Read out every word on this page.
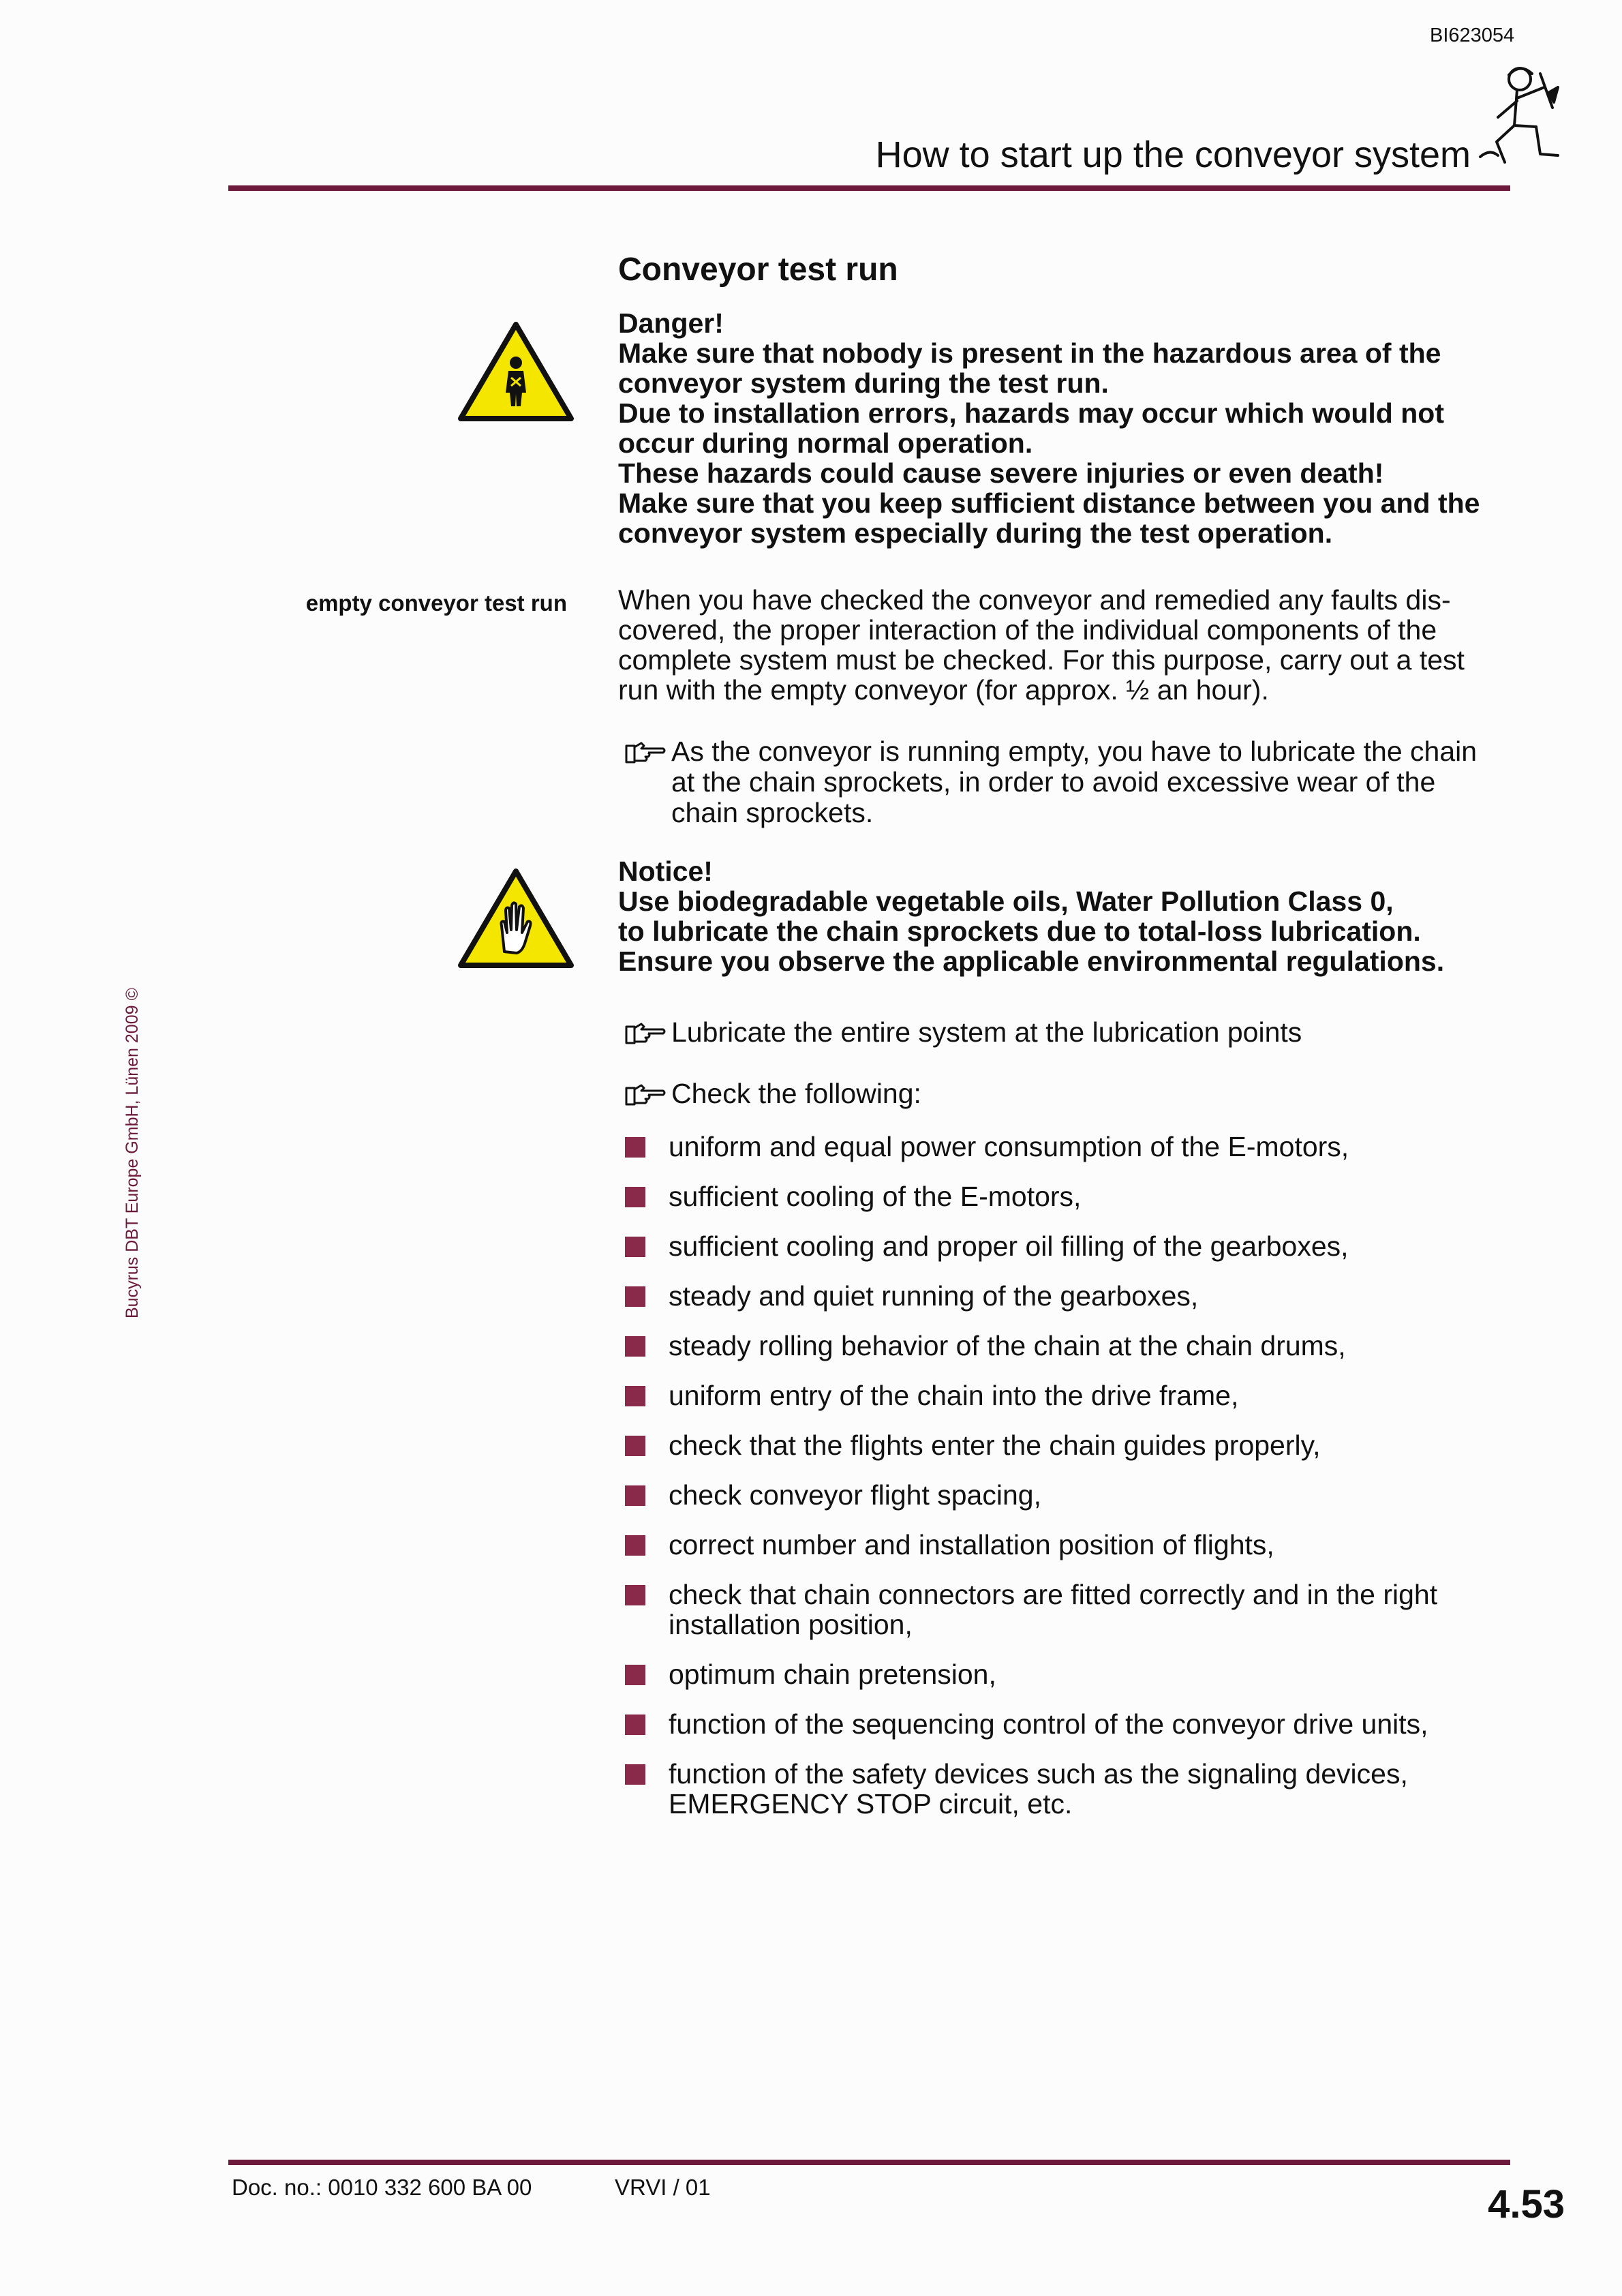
BI623054
How to start up the conveyor system
Conveyor test run

Danger!

Make sure that nobody is present in the hazardous area of the conveyor system during the test run.

Due to installation errors, hazards may occur which would not occur during normal operation.

These hazards could cause severe injuries or even death!

Make sure that you keep sufficient distance between you and the conveyor system especially during the test operation.

empty conveyor test run When you have checked the conveyor and remedied any faults dis-covered, the proper interaction of the individual components of the complete system must be checked. For this purpose, carry out a test run with the empty conveyor (for approx. ½ an hour).
As the conveyor is running empty, you have to lubricate the chain at the chain sprockets, in order to avoid excessive wear of the chain sprockets.

Notice!

Use biodegradable vegetable oils, Water Pollution Class 0,

to lubricate the chain sprockets due to total-loss lubrication.

Ensure you observe the applicable environmental regulations.

Lubricate the entire system at the lubrication points
Check the following:
uniform and equal power consumption of the E-motors,
sufficient cooling of the E-motors,
sufficient cooling and proper oil filling of the gearboxes,
steady and quiet running of the gearboxes,
steady rolling behavior of the chain at the chain drums,
uniform entry of the chain into the drive frame,
check that the flights enter the chain guides properly,
check conveyor flight spacing,
correct number and installation position of flights,
check that chain connectors are fitted correctly and in the right installation position,
optimum chain pretension,
function of the sequencing control of the conveyor drive units,
function of the safety devices such as the signaling devices, EMERGENCY STOP circuit, etc.
Bucyrus DBT Europe GmbH, Lünen 2009 ©
Doc. no.: 0010 332 600 BA 00	VRVI / 01	4.53
